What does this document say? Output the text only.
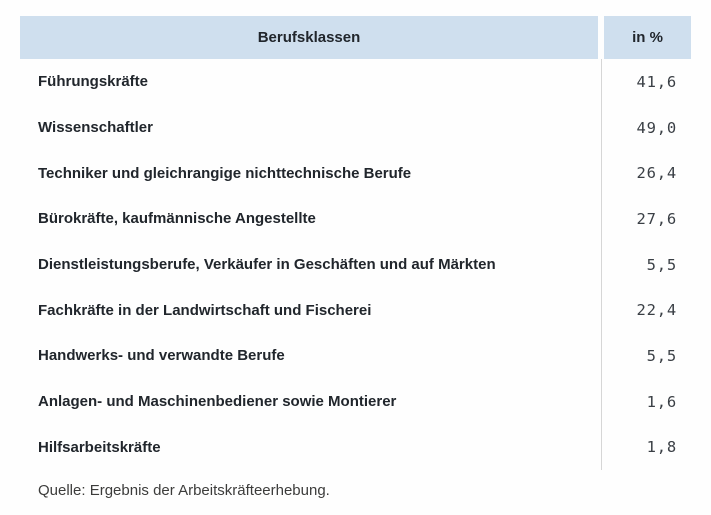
Berufsklassen	in %
Führungskräfte	41,6
Wissenschaftler	49,0
Techniker und gleichrangige nichttechnische Berufe	26,4
Bürokräfte, kaufmännische Angestellte	27,6
Dienstleistungsberufe, Verkäufer in Geschäften und auf Märkten	5,5
Fachkräfte in der Landwirtschaft und Fischerei	22,4
Handwerks- und verwandte Berufe	5,5
Anlagen- und Maschinenbediener sowie Montierer	1,6
Hilfsarbeitskräfte	1,8
Quelle: Ergebnis der Arbeitskräfteerhebung.
